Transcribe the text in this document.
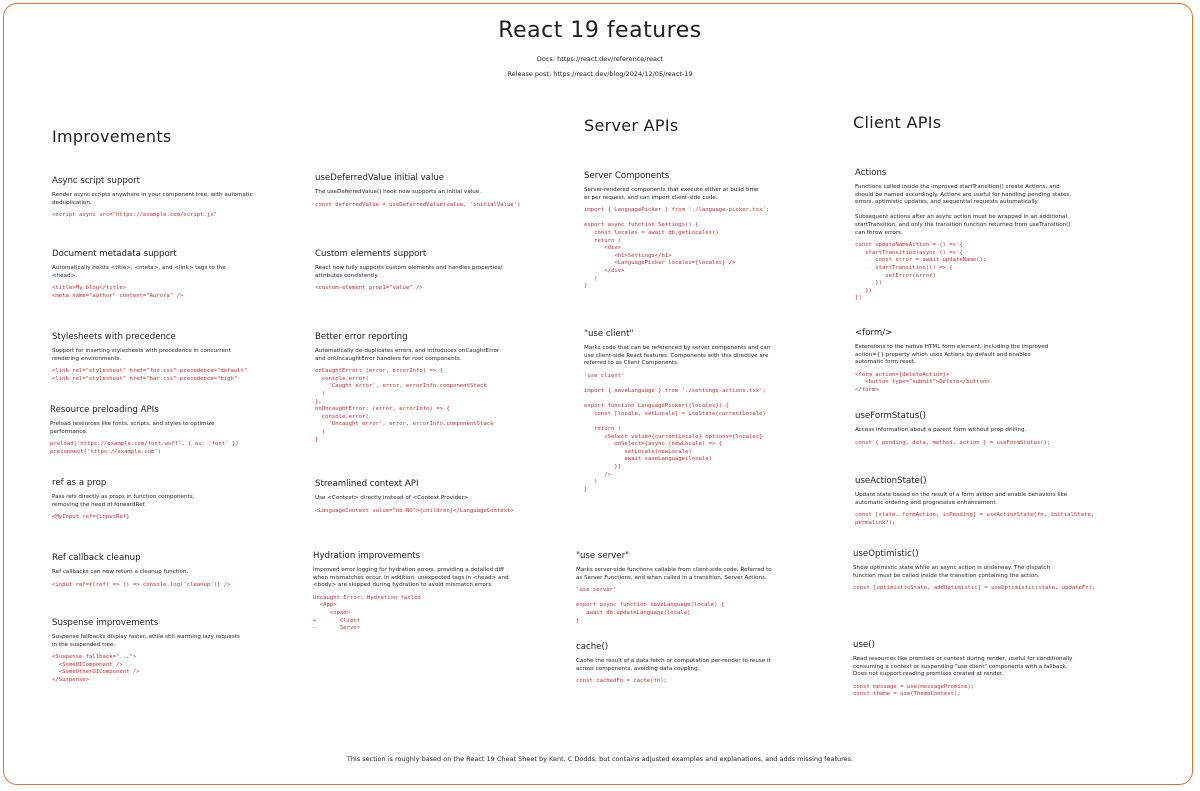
React 19 features
Docs: https://react.dev/reference/react
Release post: https://react.dev/blog/2024/12/05/react-19
Improvements
Server APIs	Client APIs
Async script support
Render async scripts anywhere in your component tree, with automatic
deduplication.
<script async src="https://example.com/script.js"
Document metadata support
Automatically hoists <title>, <meta>, and <link> tags to the
<head>.
<title>My blog</title>
<meta name="author" content="Aurora" />
Stylesheets with precedence
Support for inserting stylesheets with precedence in concurrent
rendering environments.
<link rel="stylesheet" href="foo.css" precedence="default"
<link rel="stylesheet" href="bar.css" precedence="high"
Resource preloading APIs
Preload resources like fonts, scripts, and styles to optimize
performance.
preload('https://example.com/font.woff', { as: 'font' })
preconnect('https://example.com')
ref as a prop
Pass refs directly as props in function components,
removing the need of forwardRef.
<MyInput ref={inputRef}
Ref callback cleanup
Ref callbacks can now return a cleanup function.
<input ref={(ref) => () => console.log('cleanup')} />
Suspense improvements
Suspense fallbacks display faster, while still warming lazy requests
in the suspended tree.
<Suspense fallback="...">
<SomeUIComponent />
<SomeOtherUIComponent />
</Suspense>
useDeferredValue initial value
The useDeferredValue() hook now supports an initial value.
const deferredValue = useDeferredValue(value, 'initialValue')
Custom elements support
React now fully supports custom elements and handles properties/
attributes consistently.
<custom-element prop1="value" />
Better error reporting
Automatically de-duplicates errors, and introduces onCaughtError
and onUncaughtError handlers for root components.
onCaughtError: (error, errorInfo) => {
console.error(
'Caught error', error, errorInfo.componentStack
)
},
onUncaughtError: (error, errorInfo) => {
console.error(
'Uncaught error', error, errorInfo.componentStack
)
}
Streamlined context API
Use <Context> directly instead of <Context.Provider>
<LanguageContext value="nb-NO">{children}</LanguageContext>
Hydration improvements
Improved error logging for hydration errors, providing a detailed diff
when mismatches occur. In addition, unexpected tags in <head> and
<body> are skipped during hydration to avoid mismatch errors.
Uncaught Error: Hydration failed
<App>
<span>
+       Client
-       Server
Server Components
Server-rendered components that execute either at build time
or per request, and can import client-side code.
import { LanguagePicker } from './language-picker.tsx';

export async function Settings() {
const locales = await db.getLocales()
return (
<div>
<h1>Settings</h1>
<LanguagePicker locales={locales} />
</div>
)
}
"use client"
Marks code that can be referenced by server components and can
use client-side React features. Components with this directive are
referred to as Client Components.
'use client'

import { saveLanguage } from './settings-actions.tsx';

export function LanguagePicker({locales}) {
const [locale, setLocale] = useState(currentLocale)

return (
<Select value={currentLocale} options={locales}
onSelect={async (newLocale) => {
setLocale(newLocale)
await saveLanguage(locale)
}}
/>
)
}
"use server"
Marks server-side functions callable from client-side code. Referred to
as Server Functions, and when called in a transition, Server Actions.
'use server'

export async function saveLanguage(locale) {
await db.updateLanguage(locale)
}
cache()
Cache the result of a data fetch or computation per-render to reuse it
across components, avoiding data coupling.
const cachedFn = cache(fn);
Actions
Functions called inside the improved startTransition() create Actions, and
should be named accordingly. Actions are useful for handling pending states,
errors, optimistic updates, and sequential requests automatically.

Subsequent actions after an async action must be wrapped in an additional
startTransition, and only the transition function returned from useTransition()
can throw errors.
const updateNameAction = () => {
startTransition(async () => {
const error = await updateName();
startTransition(() => {
setError(error)
})
})
})
<form/>
Extensions to the native HTML form element, including the improved
action={} property which uses Actions by default and enables
automatic form reset.
<form action={deleteAction}>
<button type="submit">Delete</button>
</form>
useFormStatus()
Access information about a parent form without prop drilling.
const { pending, data, method, action } = useFormStatus();
useActionState()
Update state based on the result of a form action and enable behaviors like
automatic ordering and progressive enhancement.
const [state, formAction, isPending] = useActionState(fn, initialState,
permalink?);
useOptimistic()
Show optimistic state while an async action is underway. The dispatch
function must be called inside the transition containing the action.
const [optimisticState, addOptimistic] = useOptimistic(state, updateFn);
use()
Read resources like promises or context during render, useful for conditionally
consuming a context or suspending "use client" components with a fallback.
Does not support reading promises created at render.
const message = use(messagePromise);
const theme = use(ThemeContext);
This section is roughly based on the React 19 Cheat Sheet by Kent. C Dodds, but contains adjusted examples and explanations, and adds missing features.
